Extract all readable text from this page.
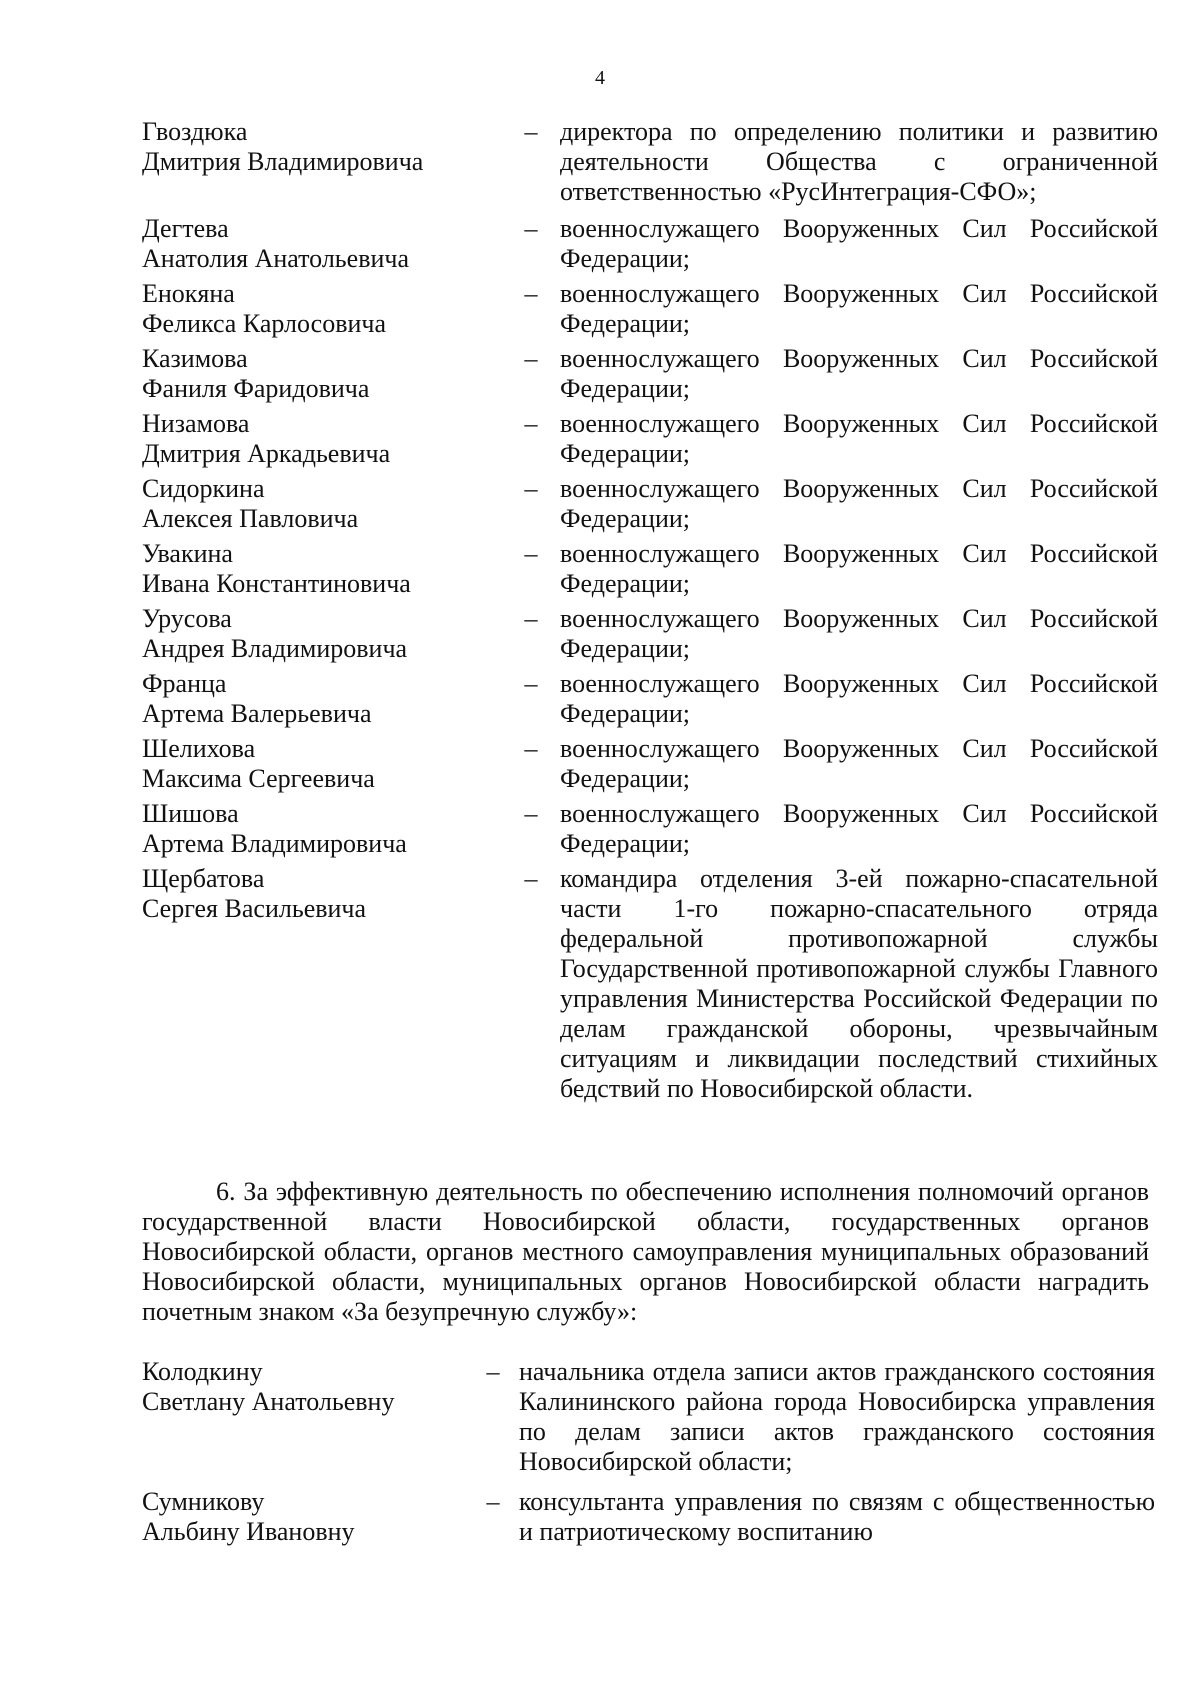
4
Гвоздюка
Дмитрия Владимировича
– директора по определению политики и развитию деятельности Общества с ограниченной ответственностью «РусИнтеграция-СФО»;
Дегтева
Анатолия Анатольевича
– военнослужащего Вооруженных Сил Российской Федерации;
Енокяна
Феликса Карлосовича
– военнослужащего Вооруженных Сил Российской Федерации;
Казимова
Фаниля Фаридовича
– военнослужащего Вооруженных Сил Российской Федерации;
Низамова
Дмитрия Аркадьевича
– военнослужащего Вооруженных Сил Российской Федерации;
Сидоркина
Алексея Павловича
– военнослужащего Вооруженных Сил Российской Федерации;
Увакина
Ивана Константиновича
– военнослужащего Вооруженных Сил Российской Федерации;
Урусова
Андрея Владимировича
– военнослужащего Вооруженных Сил Российской Федерации;
Франца
Артема Валерьевича
– военнослужащего Вооруженных Сил Российской Федерации;
Шелихова
Максима Сергеевича
– военнослужащего Вооруженных Сил Российской Федерации;
Шишова
Артема Владимировича
– военнослужащего Вооруженных Сил Российской Федерации;
Щербатова
Сергея Васильевича
– командира отделения 3-ей пожарно-спасательной части 1-го пожарно-спасательного отряда федеральной противопожарной службы Государственной противопожарной службы Главного управления Министерства Российской Федерации по делам гражданской обороны, чрезвычайным ситуациям и ликвидации последствий стихийных бедствий по Новосибирской области.
6. За эффективную деятельность по обеспечению исполнения полномочий органов государственной власти Новосибирской области, государственных органов Новосибирской области, органов местного самоуправления муниципальных образований Новосибирской области, муниципальных органов Новосибирской области наградить почетным знаком «За безупречную службу»:
Колодкину
Светлану Анатольевну
– начальника отдела записи актов гражданского состояния Калининского района города Новосибирска управления по делам записи актов гражданского состояния Новосибирской области;
Сумникову
Альбину Ивановну
– консультанта управления по связям с общественностью и патриотическому воспитанию
